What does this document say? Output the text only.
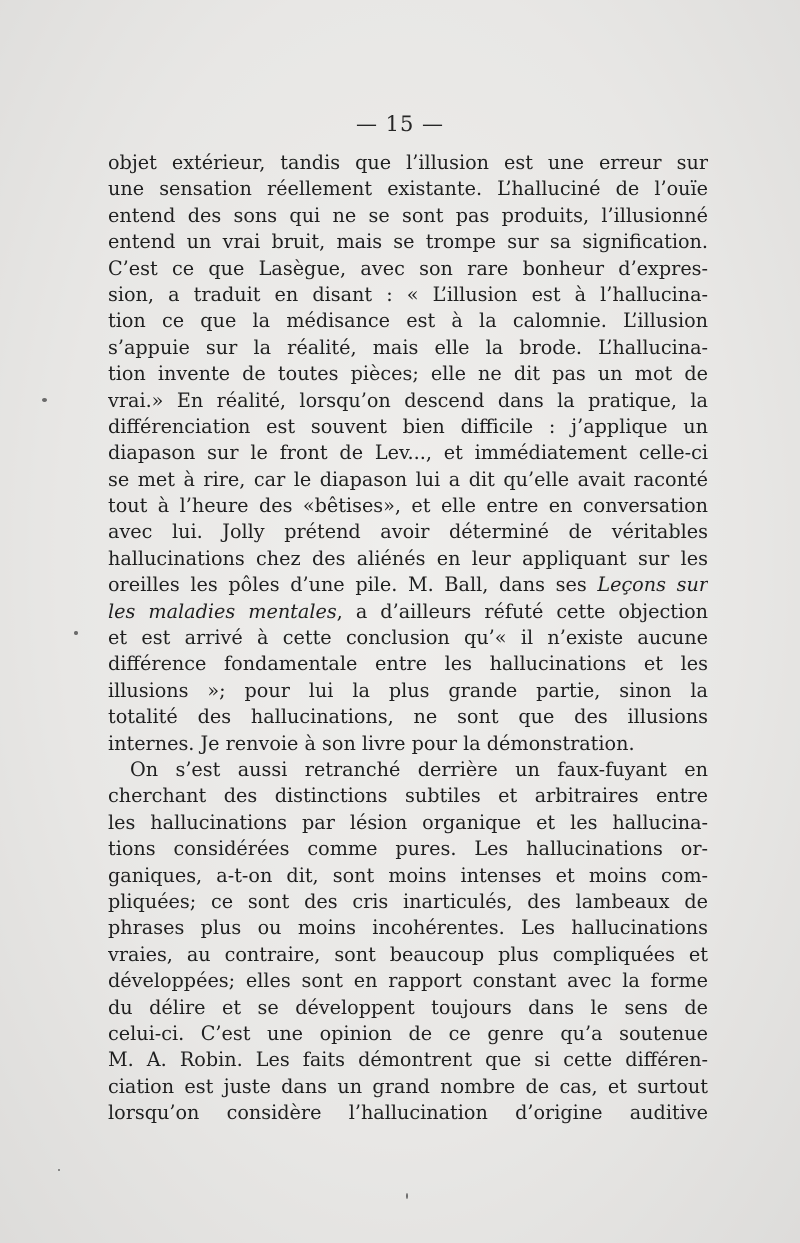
— 15 —
objet extérieur, tandis que l’illusion est une erreur sur
une sensation réellement existante. L’halluciné de l’ouïe
entend des sons qui ne se sont pas produits, l’illusionné
entend un vrai bruit, mais se trompe sur sa signification.
C’est ce que Lasègue, avec son rare bonheur d’expres-
sion, a traduit en disant : « L’illusion est à l’hallucina-
tion ce que la médisance est à la calomnie. L’illusion
s’appuie sur la réalité, mais elle la brode. L’hallucina-
tion invente de toutes pièces; elle ne dit pas un mot de
vrai.» En réalité, lorsqu’on descend dans la pratique, la
différenciation est souvent bien difficile : j’applique un
diapason sur le front de Lev..., et immédiatement celle-ci
se met à rire, car le diapason lui a dit qu’elle avait raconté
tout à l’heure des «bêtises», et elle entre en conversation
avec lui. Jolly prétend avoir déterminé de véritables
hallucinations chez des aliénés en leur appliquant sur les
oreilles les pôles d’une pile. M. Ball, dans ses Leçons sur
les maladies mentales, a d’ailleurs réfuté cette objection
et est arrivé à cette conclusion qu’« il n’existe aucune
différence fondamentale entre les hallucinations et les
illusions »; pour lui la plus grande partie, sinon la
totalité des hallucinations, ne sont que des illusions
internes. Je renvoie à son livre pour la démonstration.
On s’est aussi retranché derrière un faux-fuyant en
cherchant des distinctions subtiles et arbitraires entre
les hallucinations par lésion organique et les hallucina-
tions considérées comme pures. Les hallucinations or-
ganiques, a-t-on dit, sont moins intenses et moins com-
pliquées; ce sont des cris inarticulés, des lambeaux de
phrases plus ou moins incohérentes. Les hallucinations
vraies, au contraire, sont beaucoup plus compliquées et
développées; elles sont en rapport constant avec la forme
du délire et se développent toujours dans le sens de
celui-ci. C’est une opinion de ce genre qu’a soutenue
M. A. Robin. Les faits démontrent que si cette différen-
ciation est juste dans un grand nombre de cas, et surtout
lorsqu’on considère l’hallucination d’origine auditive
